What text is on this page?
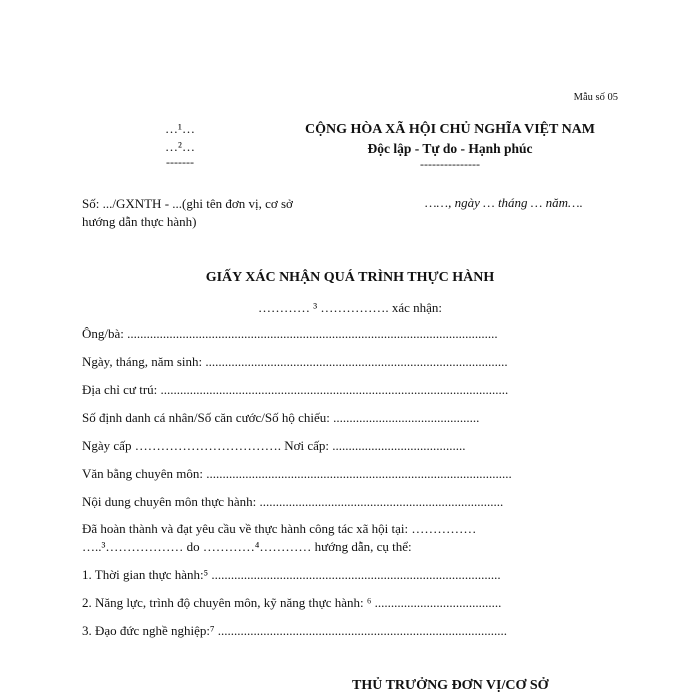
Mẫu số 05
…¹…
…²…
-------
CỘNG HÒA XÃ HỘI CHỦ NGHĨA VIỆT NAM
Độc lập - Tự do - Hạnh phúc
---------------
Số: .../GXNTH - ...(ghi tên đơn vị, cơ sở hướng dẫn thực hành)
……, ngày … tháng … năm….
GIẤY XÁC NHẬN QUÁ TRÌNH THỰC HÀNH
………… ³ ……………. xác nhận:
Ông/bà: ..................................................................................................................
Ngày, tháng, năm sinh: .............................................................................................
Địa chỉ cư trú: ...........................................................................................................
Số định danh cá nhân/Số căn cước/Số hộ chiếu: .............................................
Ngày cấp ……………………………. Nơi cấp: .........................................
Văn bằng chuyên môn: ..............................................................................................
Nội dung chuyên môn thực hành: ...........................................................................
Đã hoàn thành và đạt yêu cầu về thực hành công tác xã hội tại: ……………
…..³……………… do …………⁴………… hướng dẫn, cụ thể:
1. Thời gian thực hành:⁵ .........................................................................................
2. Năng lực, trình độ chuyên môn, kỹ năng thực hành: ⁶ .......................................
3. Đạo đức nghề nghiệp:⁷ .........................................................................................
THỦ TRƯỞNG ĐƠN VỊ/CƠ SỞ
